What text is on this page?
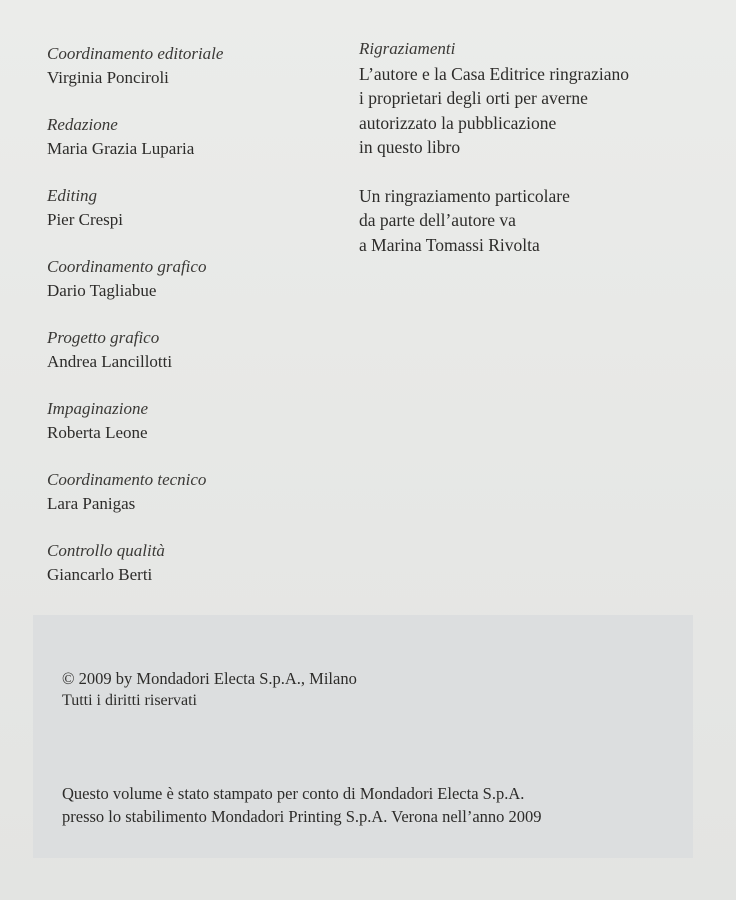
Coordinamento editoriale
Virginia Ponciroli
Redazione
Maria Grazia Luparia
Editing
Pier Crespi
Coordinamento grafico
Dario Tagliabue
Progetto grafico
Andrea Lancillotti
Impaginazione
Roberta Leone
Coordinamento tecnico
Lara Panigas
Controllo qualità
Giancarlo Berti
Rigraziamenti
L’autore e la Casa Editrice ringraziano
i proprietari degli orti per averne
autorizzato la pubblicazione
in questo libro
Un ringraziamento particolare
da parte dell’autore va
a Marina Tomassi Rivolta
© 2009 by Mondadori Electa S.p.A., Milano
Tutti i diritti riservati
Questo volume è stato stampato per conto di Mondadori Electa S.p.A.
presso lo stabilimento Mondadori Printing S.p.A. Verona nell’anno 2009
